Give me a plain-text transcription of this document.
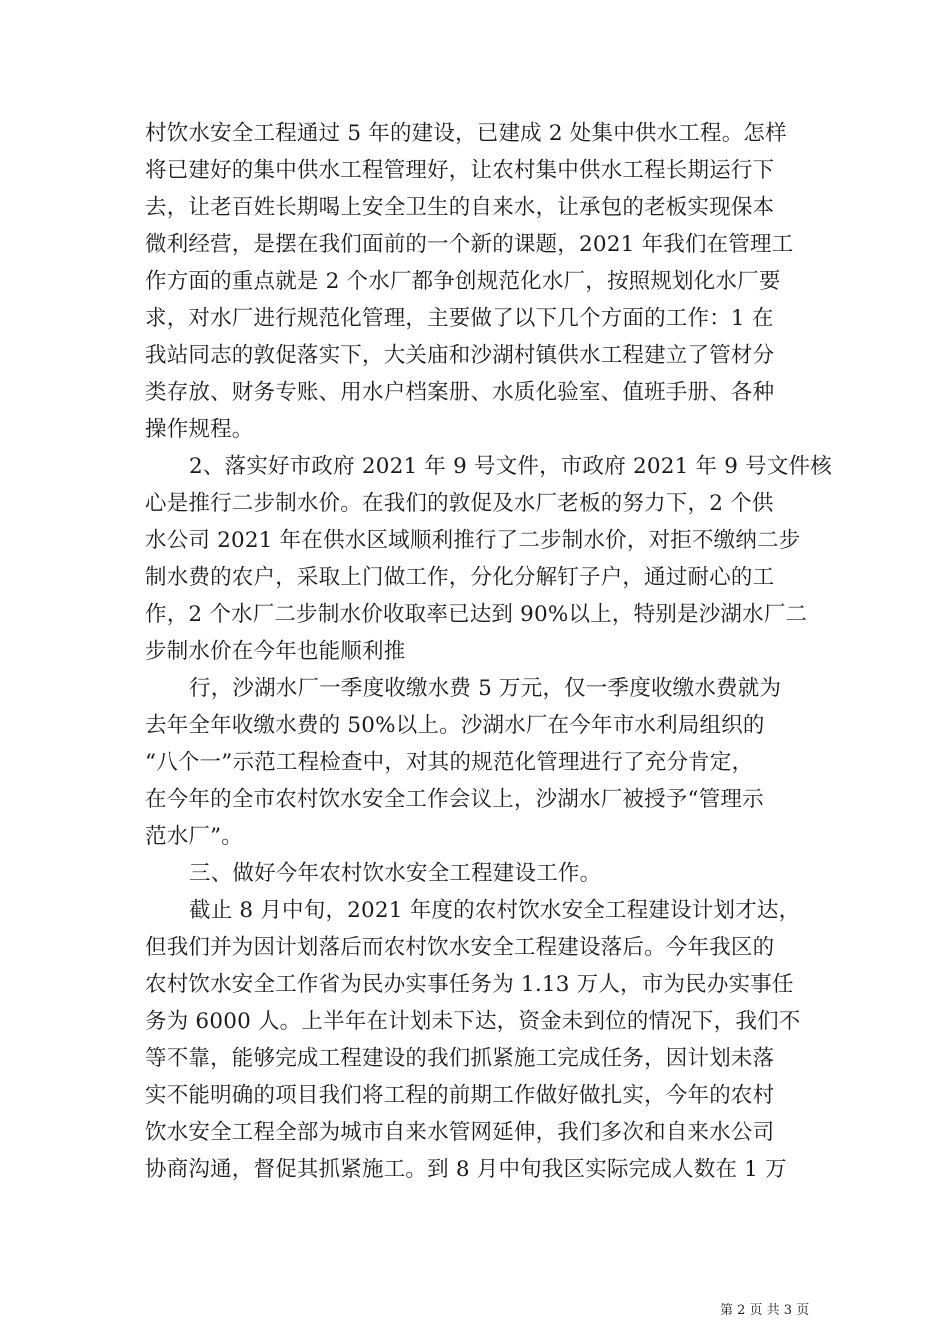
村饮水安全工程通过 5 年的建设，已建成 2 处集中供水工程。怎样
将已建好的集中供水工程管理好，让农村集中供水工程长期运行下
去，让老百姓长期喝上安全卫生的自来水，让承包的老板实现保本
微利经营，是摆在我们面前的一个新的课题，2021 年我们在管理工
作方面的重点就是 2 个水厂都争创规范化水厂，按照规划化水厂要
求，对水厂进行规范化管理，主要做了以下几个方面的工作：1 在
我站同志的敦促落实下，大关庙和沙湖村镇供水工程建立了管材分
类存放、财务专账、用水户档案册、水质化验室、值班手册、各种
操作规程。
2、落实好市政府 2021 年 9 号文件，市政府 2021 年 9 号文件核
心是推行二步制水价。在我们的敦促及水厂老板的努力下，2 个供
水公司 2021 年在供水区域顺利推行了二步制水价，对拒不缴纳二步
制水费的农户，采取上门做工作，分化分解钉子户，通过耐心的工
作，2 个水厂二步制水价收取率已达到 90%以上，特别是沙湖水厂二
步制水价在今年也能顺利推
行，沙湖水厂一季度收缴水费 5 万元，仅一季度收缴水费就为
去年全年收缴水费的 50%以上。沙湖水厂在今年市水利局组织的
“八个一”示范工程检查中，对其的规范化管理进行了充分肯定，
在今年的全市农村饮水安全工作会议上，沙湖水厂被授予“管理示
范水厂”。
三、做好今年农村饮水安全工程建设工作。
截止 8 月中旬，2021 年度的农村饮水安全工程建设计划才达，
但我们并为因计划落后而农村饮水安全工程建设落后。今年我区的
农村饮水安全工作省为民办实事任务为 1.13 万人，市为民办实事任
务为 6000 人。上半年在计划未下达，资金未到位的情况下，我们不
等不靠，能够完成工程建设的我们抓紧施工完成任务，因计划未落
实不能明确的项目我们将工程的前期工作做好做扎实，今年的农村
饮水安全工程全部为城市自来水管网延伸，我们多次和自来水公司
协商沟通，督促其抓紧施工。到 8 月中旬我区实际完成人数在 1 万
第 2 页 共 3 页
